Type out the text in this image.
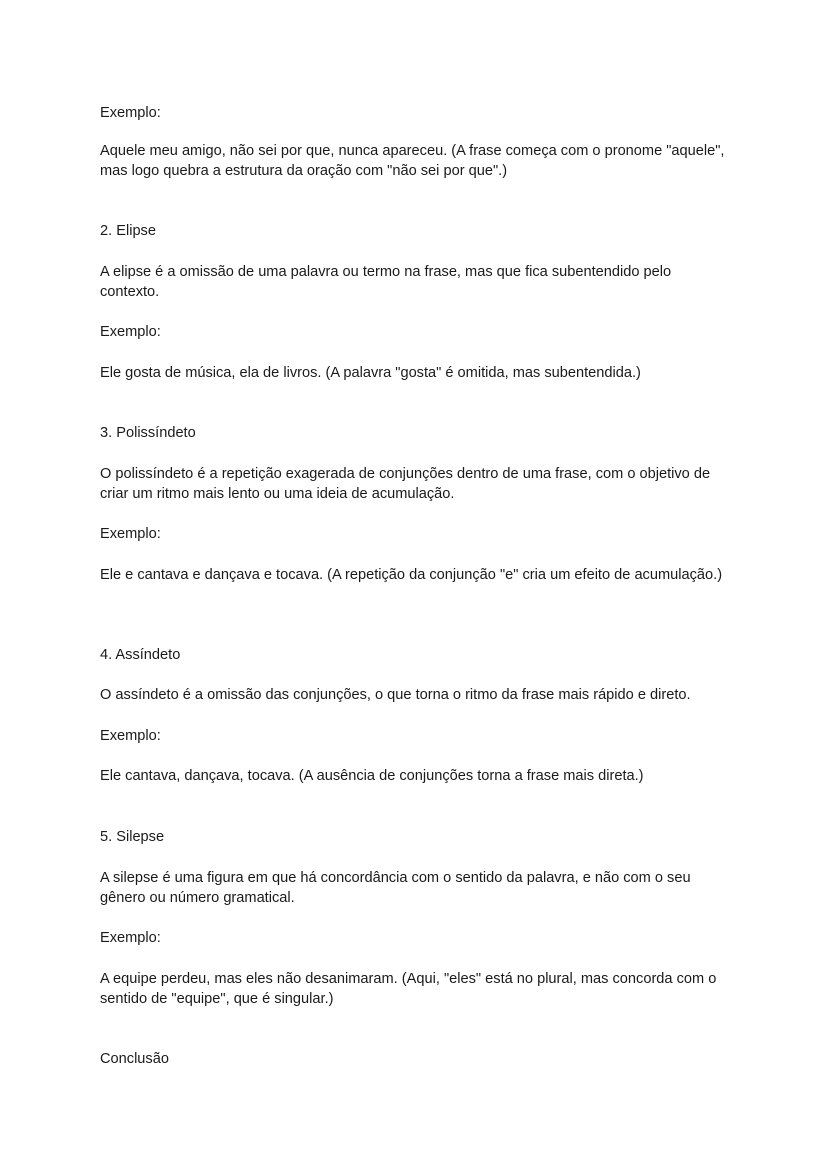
Exemplo:

Aquele meu amigo, não sei por que, nunca apareceu. (A frase começa com o pronome "aquele", mas logo quebra a estrutura da oração com "não sei por que".)

2. Elipse

A elipse é a omissão de uma palavra ou termo na frase, mas que fica subentendido pelo contexto.

Exemplo:

Ele gosta de música, ela de livros. (A palavra "gosta" é omitida, mas subentendida.)

3. Polissíndeto

O polissíndeto é a repetição exagerada de conjunções dentro de uma frase, com o objetivo de criar um ritmo mais lento ou uma ideia de acumulação.

Exemplo:

Ele e cantava e dançava e tocava. (A repetição da conjunção "e" cria um efeito de acumulação.)

4. Assíndeto

O assíndeto é a omissão das conjunções, o que torna o ritmo da frase mais rápido e direto.

Exemplo:

Ele cantava, dançava, tocava. (A ausência de conjunções torna a frase mais direta.)

5. Silepse

A silepse é uma figura em que há concordância com o sentido da palavra, e não com o seu gênero ou número gramatical.

Exemplo:

A equipe perdeu, mas eles não desanimaram. (Aqui, "eles" está no plural, mas concorda com o sentido de "equipe", que é singular.)

Conclusão
